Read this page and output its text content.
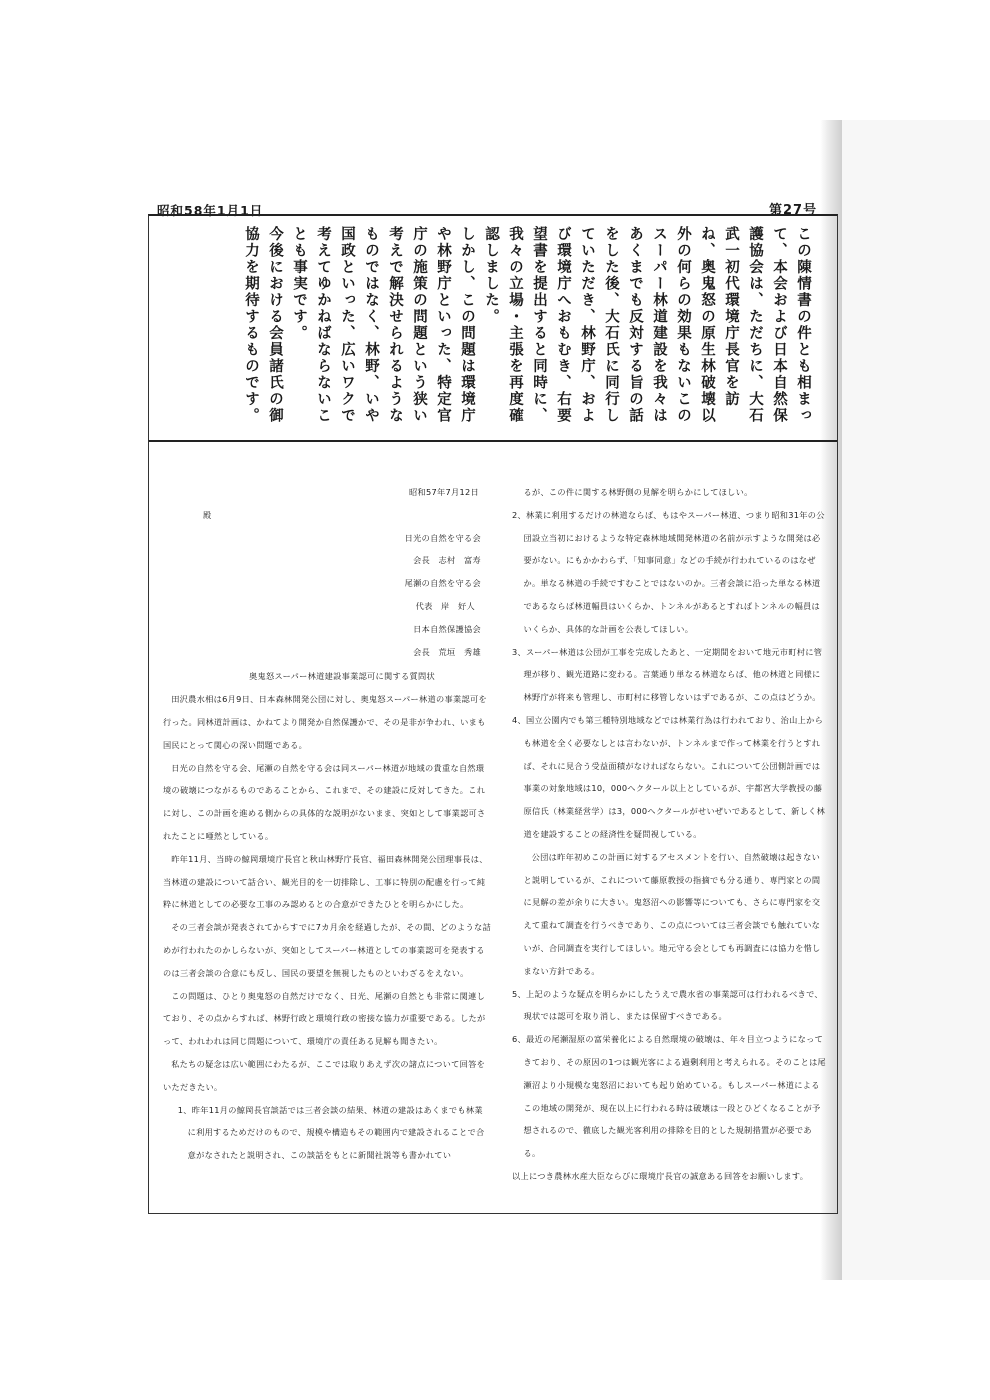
昭和58年1月1日	第27号

この陳情書の件とも相まって、本会および日本自然保護協会は、ただちに、大石武一初代環境庁長官を訪ね、奥鬼怒の原生林破壊以外の何らの効果もないこのスーパー林道建設を我々はあくまでも反対する旨の話をした後、大石氏に同行していただき、林野庁、および環境庁へおもむき、右要望書を提出すると同時に、我々の立場・主張を再度確認しました。

しかし、この問題は環境庁や林野庁といった、特定官庁の施策の問題という狭い考えで解決せられるようなものではなく、林野、いや国政といった、広いワクで考えてゆかねばならないことも事実です。

今後における会員諸氏の御協力を期待するものです。

昭和57年7月12日

殿

日光の自然を守る会

会長　志村　富寿

尾瀬の自然を守る会

代表　岸　好人

日本自然保護協会

会長　荒垣　秀雄

奥鬼怒スーパー林道建設事業認可に関する質問状

田沢農水相は6月9日、日本森林開発公団に対し、奥鬼怒スーパー林道の事業認可を行った。同林道計画は、かねてより開発か自然保護かで、その是非が争われ、いまも国民にとって関心の深い問題である。

日光の自然を守る会、尾瀬の自然を守る会は同スーパー林道が地域の貴重な自然環境の破壊につながるものであることから、これまで、その建設に反対してきた。これに対し、この計画を進める側からの具体的な説明がないまま、突如として事業認可されたことに唖然としている。

昨年11月、当時の鯨岡環境庁長官と秋山林野庁長官、福田森林開発公団理事長は、当林道の建設について話合い、観光目的を一切排除し、工事に特別の配慮を行って純粋に林道としての必要な工事のみ認めるとの合意ができたひとを明らかにした。

その三者会談が発表されてからすでに7カ月余を経過したが、その間、どのような詰めが行われたのかしらないが、突如としてスーパー林道としての事業認可を発表するのは三者会談の合意にも反し、国民の要望を無視したものといわざるをえない。

この問題は、ひとり奥鬼怒の自然だけでなく、日光、尾瀬の自然とも非常に関連しており、その点からすれば、林野行政と環境行政の密接な協力が重要である。したがって、われわれは同じ問題について、環境庁の責任ある見解も聞きたい。

私たちの疑念は広い範囲にわたるが、ここでは取りあえず次の諸点について回答をいただきたい。

1、昨年11月の鯨岡長官談話では三者会談の結果、林道の建設はあくまでも林業に利用するためだけのもので、規模や構造もその範囲内で建設されることで合意がなされたと説明され、この談話をもとに新聞社説等も書かれてい

るが、この件に関する林野側の見解を明らかにしてほしい。

2、林業に利用するだけの林道ならば、もはやスーパー林道、つまり昭和31年の公団設立当初におけるような特定森林地域開発林道の名前が示すような開発は必要がない。にもかかわらず、「知事同意」などの手続が行われているのはなぜか。単なる林道の手続ですむことではないのか。三者会談に沿った単なる林道であるならば林道幅員はいくらか、トンネルがあるとすればトンネルの幅員はいくらか、具体的な計画を公表してほしい。

3、スーパー林道は公団が工事を完成したあと、一定期間をおいて地元市町村に管理が移り、観光道路に変わる。言葉通り単なる林道ならば、他の林道と同様に林野庁が将来も管理し、市町村に移管しないはずであるが、この点はどうか。

4、国立公園内でも第三種特別地域などでは林業行為は行われており、治山上からも林道を全く必要なしとは言わないが、トンネルまで作って林業を行うとすれば、それに見合う受益面積がなければならない。これについて公団側計画では事業の対象地域は10，000ヘクタール以上としているが、宇都宮大学教授の藤原信氏（林業経営学）は3，000ヘクタールがせいぜいであるとして、新しく林道を建設することの経済性を疑問視している。

公団は昨年初めこの計画に対するアセスメントを行い、自然破壊は起きないと説明しているが、これについて藤原教授の指摘でも分る通り、専門家との間に見解の差が余りに大きい。鬼怒沼への影響等についても、さらに専門家を交えて重ねて調査を行うべきであり、この点については三者会談でも触れていないが、合同調査を実行してほしい。地元守る会としても再調査には協力を惜しまない方針である。

5、上記のような疑点を明らかにしたうえで農水省の事業認可は行われるべきで、現状では認可を取り消し、または保留すべきである。

6、最近の尾瀬湿原の富栄養化による自然環境の破壊は、年々目立つようになってきており、その原因の1つは観光客による過剰利用と考えられる。そのことは尾瀬沼より小規模な鬼怒沼においても起り始めている。もしスーパー林道によるこの地域の開発が、現在以上に行われる時は破壊は一段とひどくなることが予想されるので、徹底した観光客利用の排除を目的とした規制措置が必要である。

以上につき農林水産大臣ならびに環境庁長官の誠意ある回答をお願いします。
